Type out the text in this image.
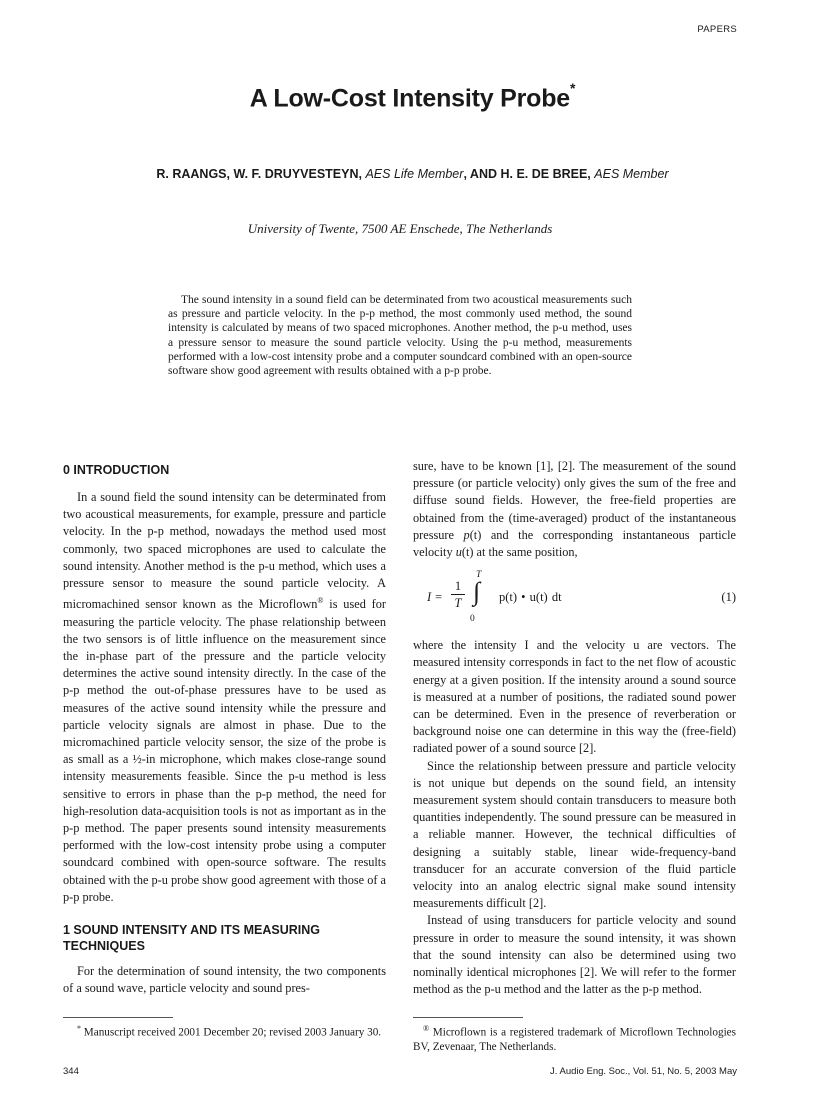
PAPERS
A Low-Cost Intensity Probe*
R. RAANGS, W. F. DRUYVESTEYN, AES Life Member, AND H. E. DE BREE, AES Member
University of Twente, 7500 AE Enschede, The Netherlands

The sound intensity in a sound field can be determinated from two acoustical measurements such as pressure and particle velocity. In the p-p method, the most commonly used method, the sound intensity is calculated by means of two spaced microphones. Another method, the p-u method, uses a pressure sensor to measure the sound particle velocity. Using the p-u method, measurements performed with a low-cost intensity probe and a computer soundcard combined with an open-source software show good agreement with results obtained with a p-p probe.

0 INTRODUCTION

In a sound field the sound intensity can be determinated from two acoustical measurements, for example, pressure and particle velocity. In the p-p method, nowadays the method used most commonly, two spaced microphones are used to calculate the sound intensity. Another method is the p-u method, which uses a pressure sensor to measure the sound particle velocity. A micromachined sensor known as the Microflown® is used for measuring the particle velocity. The phase relationship between the two sensors is of little influence on the measurement since the in-phase part of the pressure and the particle velocity determines the active sound intensity directly. In the case of the p-p method the out-of-phase pressures have to be used as measures of the active sound intensity while the pressure and particle velocity signals are almost in phase. Due to the micromachined particle velocity sensor, the size of the probe is as small as a ½-in microphone, which makes close-range sound intensity measurements feasible. Since the p-u method is less sensitive to errors in phase than the p-p method, the need for high-resolution data-acquisition tools is not as important as in the p-p method. The paper presents sound intensity measurements performed with the low-cost intensity probe using a computer soundcard combined with open-source software. The results obtained with the p-u probe show good agreement with those of a p-p probe.

1 SOUND INTENSITY AND ITS MEASURING TECHNIQUES

For the determination of sound intensity, the two components of a sound wave, particle velocity and sound pres-

sure, have to be known [1], [2]. The measurement of the sound pressure (or particle velocity) only gives the sum of the free and diffuse sound fields. However, the free-field properties are obtained from the (time-averaged) product of the instantaneous pressure p(t) and the corresponding instantaneous particle velocity u(t) at the same position,

$I = \frac{1}{T}$
T
∫
0
p(t) • u(t) dt	(1)

where the intensity I and the velocity u are vectors. The measured intensity corresponds in fact to the net flow of acoustic energy at a given position. If the intensity around a sound source is measured at a number of positions, the radiated sound power can be determined. Even in the presence of reverberation or background noise one can determine in this way the (free-field) radiated power of a sound source [2].

Since the relationship between pressure and particle velocity is not unique but depends on the sound field, an intensity measurement system should contain transducers to measure both quantities independently. The sound pressure can be measured in a reliable manner. However, the technical difficulties of designing a suitably stable, linear wide-frequency-band transducer for an accurate conversion of the fluid particle velocity into an analog electric signal make sound intensity measurements difficult [2].

Instead of using transducers for particle velocity and sound pressure in order to measure the sound intensity, it was shown that the sound intensity can also be determined using two nominally identical microphones [2]. We will refer to the former method as the p-u method and the latter as the p-p method.

* Manuscript received 2001 December 20; revised 2003 January 30.	® Microflown is a registered trademark of Microflown Technologies BV, Zevenaar, The Netherlands.
344	J. Audio Eng. Soc., Vol. 51, No. 5, 2003 May
